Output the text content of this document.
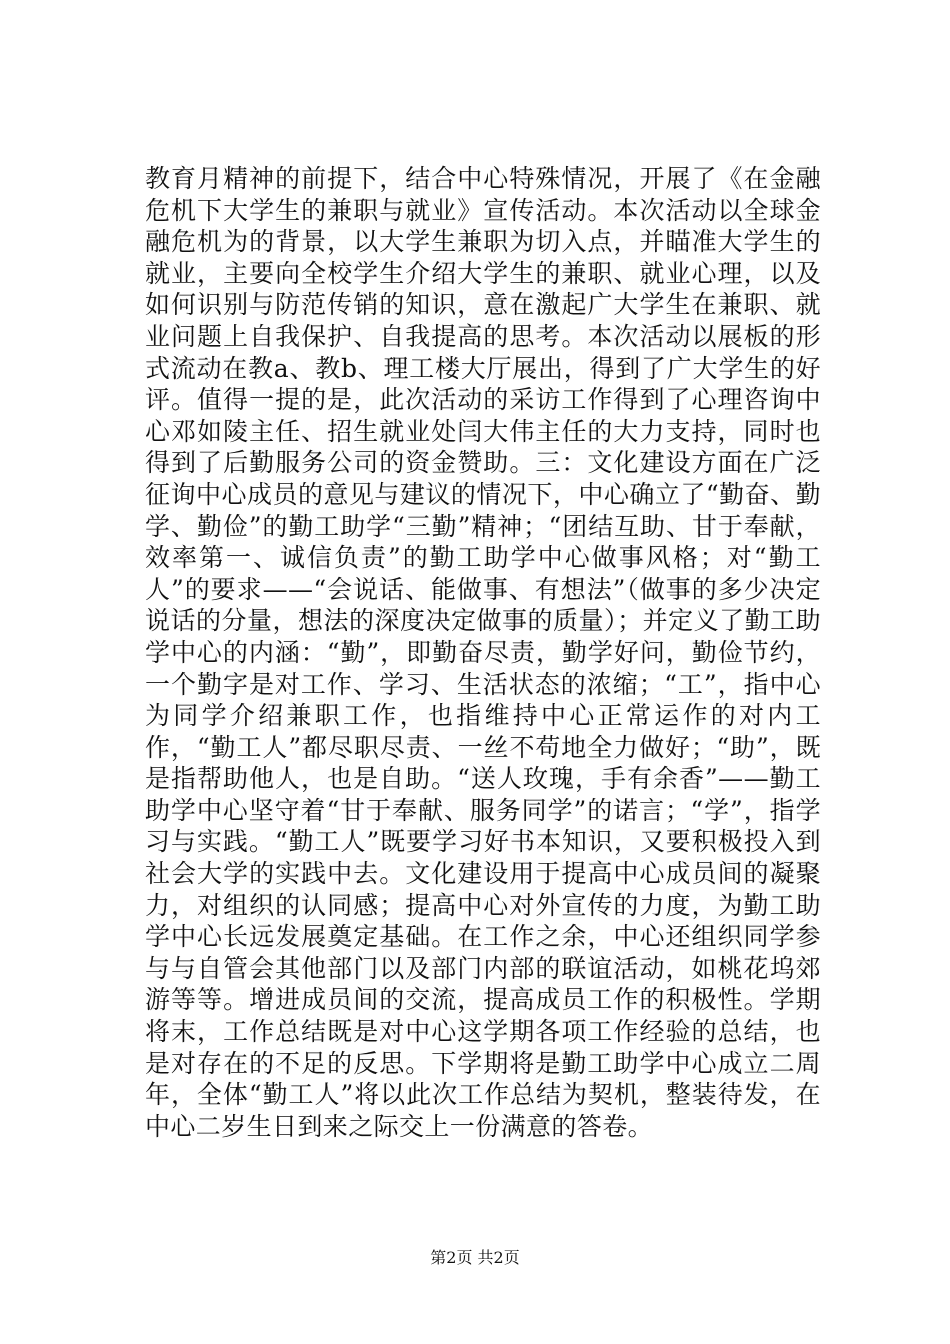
教育月精神的前提下，结合中心特殊情况，开展了《在金融危机下大学生的兼职与就业》宣传活动。本次活动以全球金融危机为的背景，以大学生兼职为切入点，并瞄准大学生的就业，主要向全校学生介绍大学生的兼职、就业心理，以及如何识别与防范传销的知识，意在激起广大学生在兼职、就业问题上自我保护、自我提高的思考。本次活动以展板的形式流动在教a、教b、理工楼大厅展出，得到了广大学生的好评。值得一提的是，此次活动的采访工作得到了心理咨询中心邓如陵主任、招生就业处闫大伟主任的大力支持，同时也得到了后勤服务公司的资金赞助。三：文化建设方面在广泛征询中心成员的意见与建议的情况下，中心确立了“勤奋、勤学、勤俭”的勤工助学“三勤”精神；“团结互助、甘于奉献，效率第一、诚信负责”的勤工助学中心做事风格；对“勤工人”的要求——“会说话、能做事、有想法”（做事的多少决定说话的分量，想法的深度决定做事的质量）；并定义了勤工助学中心的内涵：“勤”，即勤奋尽责，勤学好问，勤俭节约，一个勤字是对工作、学习、生活状态的浓缩；“工”，指中心为同学介绍兼职工作，也指维持中心正常运作的对内工作，“勤工人”都尽职尽责、一丝不苟地全力做好；“助”，既是指帮助他人，也是自助。“送人玫瑰，手有余香”——勤工助学中心坚守着“甘于奉献、服务同学”的诺言；“学”，指学习与实践。“勤工人”既要学习好书本知识，又要积极投入到社会大学的实践中去。文化建设用于提高中心成员间的凝聚力，对组织的认同感；提高中心对外宣传的力度，为勤工助学中心长远发展奠定基础。在工作之余，中心还组织同学参与与自管会其他部门以及部门内部的联谊活动，如桃花坞郊游等等。增进成员间的交流，提高成员工作的积极性。学期将末，工作总结既是对中心这学期各项工作经验的总结，也是对存在的不足的反思。下学期将是勤工助学中心成立二周年，全体“勤工人”将以此次工作总结为契机，整装待发，在中心二岁生日到来之际交上一份满意的答卷。

第2页 共2页
